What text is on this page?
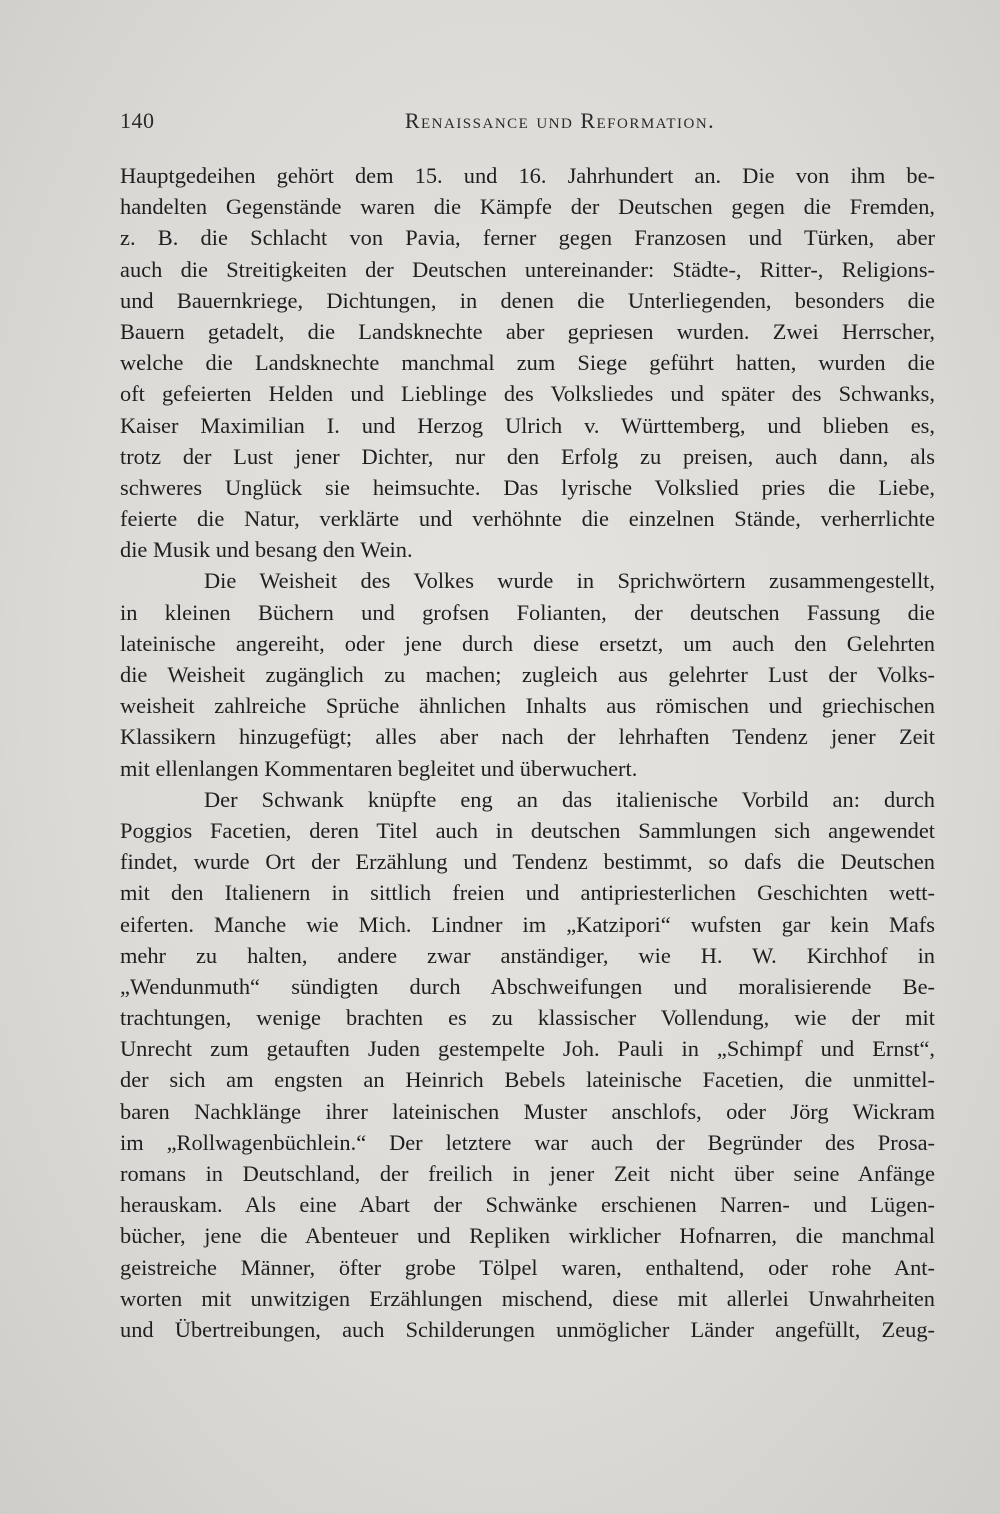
140	Renaissance und Reformation.
Hauptgedeihen gehört dem 15. und 16. Jahrhundert an. Die von ihm be-
handelten Gegenstände waren die Kämpfe der Deutschen gegen die Fremden,
z. B. die Schlacht von Pavia, ferner gegen Franzosen und Türken, aber
auch die Streitigkeiten der Deutschen untereinander: Städte-, Ritter-, Religions-
und Bauernkriege, Dichtungen, in denen die Unterliegenden, besonders die
Bauern getadelt, die Landsknechte aber gepriesen wurden. Zwei Herrscher,
welche die Landsknechte manchmal zum Siege geführt hatten, wurden die
oft gefeierten Helden und Lieblinge des Volksliedes und später des Schwanks,
Kaiser Maximilian I. und Herzog Ulrich v. Württemberg, und blieben es,
trotz der Lust jener Dichter, nur den Erfolg zu preisen, auch dann, als
schweres Unglück sie heimsuchte. Das lyrische Volkslied pries die Liebe,
feierte die Natur, verklärte und verhöhnte die einzelnen Stände, verherrlichte
die Musik und besang den Wein.
Die Weisheit des Volkes wurde in Sprichwörtern zusammengestellt,
in kleinen Büchern und grofsen Folianten, der deutschen Fassung die
lateinische angereiht, oder jene durch diese ersetzt, um auch den Gelehrten
die Weisheit zugänglich zu machen; zugleich aus gelehrter Lust der Volks-
weisheit zahlreiche Sprüche ähnlichen Inhalts aus römischen und griechischen
Klassikern hinzugefügt; alles aber nach der lehrhaften Tendenz jener Zeit
mit ellenlangen Kommentaren begleitet und überwuchert.
Der Schwank knüpfte eng an das italienische Vorbild an: durch
Poggios Facetien, deren Titel auch in deutschen Sammlungen sich angewendet
findet, wurde Ort der Erzählung und Tendenz bestimmt, so dafs die Deutschen
mit den Italienern in sittlich freien und antipriesterlichen Geschichten wett-
eiferten. Manche wie Mich. Lindner im „Katzipori“ wufsten gar kein Mafs
mehr zu halten, andere zwar anständiger, wie H. W. Kirchhof in
„Wendunmuth“ sündigten durch Abschweifungen und moralisierende Be-
trachtungen, wenige brachten es zu klassischer Vollendung, wie der mit
Unrecht zum getauften Juden gestempelte Joh. Pauli in „Schimpf und Ernst“,
der sich am engsten an Heinrich Bebels lateinische Facetien, die unmittel-
baren Nachklänge ihrer lateinischen Muster anschlofs, oder Jörg Wickram
im „Rollwagenbüchlein.“ Der letztere war auch der Begründer des Prosa-
romans in Deutschland, der freilich in jener Zeit nicht über seine Anfänge
herauskam. Als eine Abart der Schwänke erschienen Narren- und Lügen-
bücher, jene die Abenteuer und Repliken wirklicher Hofnarren, die manchmal
geistreiche Männer, öfter grobe Tölpel waren, enthaltend, oder rohe Ant-
worten mit unwitzigen Erzählungen mischend, diese mit allerlei Unwahrheiten
und Übertreibungen, auch Schilderungen unmöglicher Länder angefüllt, Zeug-
